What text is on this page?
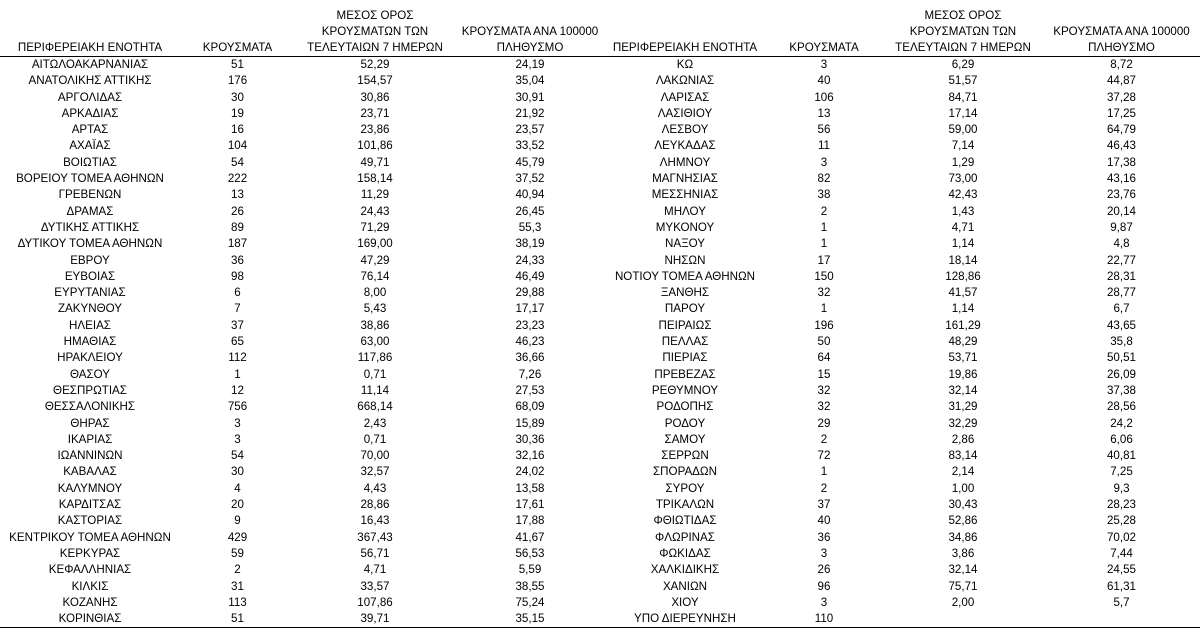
ΠΕΡΙΦΕΡΕΙΑΚΗ ΕΝΟΤΗΤΑ	ΚΡΟΥΣΜΑΤΑ	ΜΕΣΟΣ ΟΡΟΣ
ΚΡΟΥΣΜΑΤΩΝ ΤΩΝ
ΤΕΛΕΥΤΑΙΩΝ 7 ΗΜΕΡΩΝ	ΚΡΟΥΣΜΑΤΑ ΑΝΑ 100000
ΠΛΗΘΥΣΜΟ
ΑΙΤΩΛΟΑΚΑΡΝΑΝΙΑΣ	51	52,29	24,19
ΑΝΑΤΟΛΙΚΗΣ ΑΤΤΙΚΗΣ	176	154,57	35,04
ΑΡΓΟΛΙΔΑΣ	30	30,86	30,91
ΑΡΚΑΔΙΑΣ	19	23,71	21,92
ΑΡΤΑΣ	16	23,86	23,57
ΑΧΑΪΑΣ	104	101,86	33,52
ΒΟΙΩΤΙΑΣ	54	49,71	45,79
ΒΟΡΕΙΟΥ ΤΟΜΕΑ ΑΘΗΝΩΝ	222	158,14	37,52
ΓΡΕΒΕΝΩΝ	13	11,29	40,94
ΔΡΑΜΑΣ	26	24,43	26,45
ΔΥΤΙΚΗΣ ΑΤΤΙΚΗΣ	89	71,29	55,3
ΔΥΤΙΚΟΥ ΤΟΜΕΑ ΑΘΗΝΩΝ	187	169,00	38,19
ΕΒΡΟΥ	36	47,29	24,33
ΕΥΒΟΙΑΣ	98	76,14	46,49
ΕΥΡΥΤΑΝΙΑΣ	6	8,00	29,88
ΖΑΚΥΝΘΟΥ	7	5,43	17,17
ΗΛΕΙΑΣ	37	38,86	23,23
ΗΜΑΘΙΑΣ	65	63,00	46,23
ΗΡΑΚΛΕΙΟΥ	112	117,86	36,66
ΘΑΣΟΥ	1	0,71	7,26
ΘΕΣΠΡΩΤΙΑΣ	12	11,14	27,53
ΘΕΣΣΑΛΟΝΙΚΗΣ	756	668,14	68,09
ΘΗΡΑΣ	3	2,43	15,89
ΙΚΑΡΙΑΣ	3	0,71	30,36
ΙΩΑΝΝΙΝΩΝ	54	70,00	32,16
ΚΑΒΑΛΑΣ	30	32,57	24,02
ΚΑΛΥΜΝΟΥ	4	4,43	13,58
ΚΑΡΔΙΤΣΑΣ	20	28,86	17,61
ΚΑΣΤΟΡΙΑΣ	9	16,43	17,88
ΚΕΝΤΡΙΚΟΥ ΤΟΜΕΑ ΑΘΗΝΩΝ	429	367,43	41,67
ΚΕΡΚΥΡΑΣ	59	56,71	56,53
ΚΕΦΑΛΛΗΝΙΑΣ	2	4,71	5,59
ΚΙΛΚΙΣ	31	33,57	38,55
ΚΟΖΑΝΗΣ	113	107,86	75,24
ΚΟΡΙΝΘΙΑΣ	51	39,71	35,15
ΠΕΡΙΦΕΡΕΙΑΚΗ ΕΝΟΤΗΤΑ	ΚΡΟΥΣΜΑΤΑ	ΜΕΣΟΣ ΟΡΟΣ
ΚΡΟΥΣΜΑΤΩΝ ΤΩΝ
ΤΕΛΕΥΤΑΙΩΝ 7 ΗΜΕΡΩΝ	ΚΡΟΥΣΜΑΤΑ ΑΝΑ 100000
ΠΛΗΘΥΣΜΟ
ΚΩ	3	6,29	8,72
ΛΑΚΩΝΙΑΣ	40	51,57	44,87
ΛΑΡΙΣΑΣ	106	84,71	37,28
ΛΑΣΙΘΙΟΥ	13	17,14	17,25
ΛΕΣΒΟΥ	56	59,00	64,79
ΛΕΥΚΑΔΑΣ	11	7,14	46,43
ΛΗΜΝΟΥ	3	1,29	17,38
ΜΑΓΝΗΣΙΑΣ	82	73,00	43,16
ΜΕΣΣΗΝΙΑΣ	38	42,43	23,76
ΜΗΛΟΥ	2	1,43	20,14
ΜΥΚΟΝΟΥ	1	4,71	9,87
ΝΑΞΟΥ	1	1,14	4,8
ΝΗΣΩΝ	17	18,14	22,77
ΝΟΤΙΟΥ ΤΟΜΕΑ ΑΘΗΝΩΝ	150	128,86	28,31
ΞΑΝΘΗΣ	32	41,57	28,77
ΠΑΡΟΥ	1	1,14	6,7
ΠΕΙΡΑΙΩΣ	196	161,29	43,65
ΠΕΛΛΑΣ	50	48,29	35,8
ΠΙΕΡΙΑΣ	64	53,71	50,51
ΠΡΕΒΕΖΑΣ	15	19,86	26,09
ΡΕΘΥΜΝΟΥ	32	32,14	37,38
ΡΟΔΟΠΗΣ	32	31,29	28,56
ΡΟΔΟΥ	29	32,29	24,2
ΣΑΜΟΥ	2	2,86	6,06
ΣΕΡΡΩΝ	72	83,14	40,81
ΣΠΟΡΑΔΩΝ	1	2,14	7,25
ΣΥΡΟΥ	2	1,00	9,3
ΤΡΙΚΑΛΩΝ	37	30,43	28,23
ΦΘΙΩΤΙΔΑΣ	40	52,86	25,28
ΦΛΩΡΙΝΑΣ	36	34,86	70,02
ΦΩΚΙΔΑΣ	3	3,86	7,44
ΧΑΛΚΙΔΙΚΗΣ	26	32,14	24,55
ΧΑΝΙΩΝ	96	75,71	61,31
ΧΙΟΥ	3	2,00	5,7
ΥΠΟ ΔΙΕΡΕΥΝΗΣΗ	110		
